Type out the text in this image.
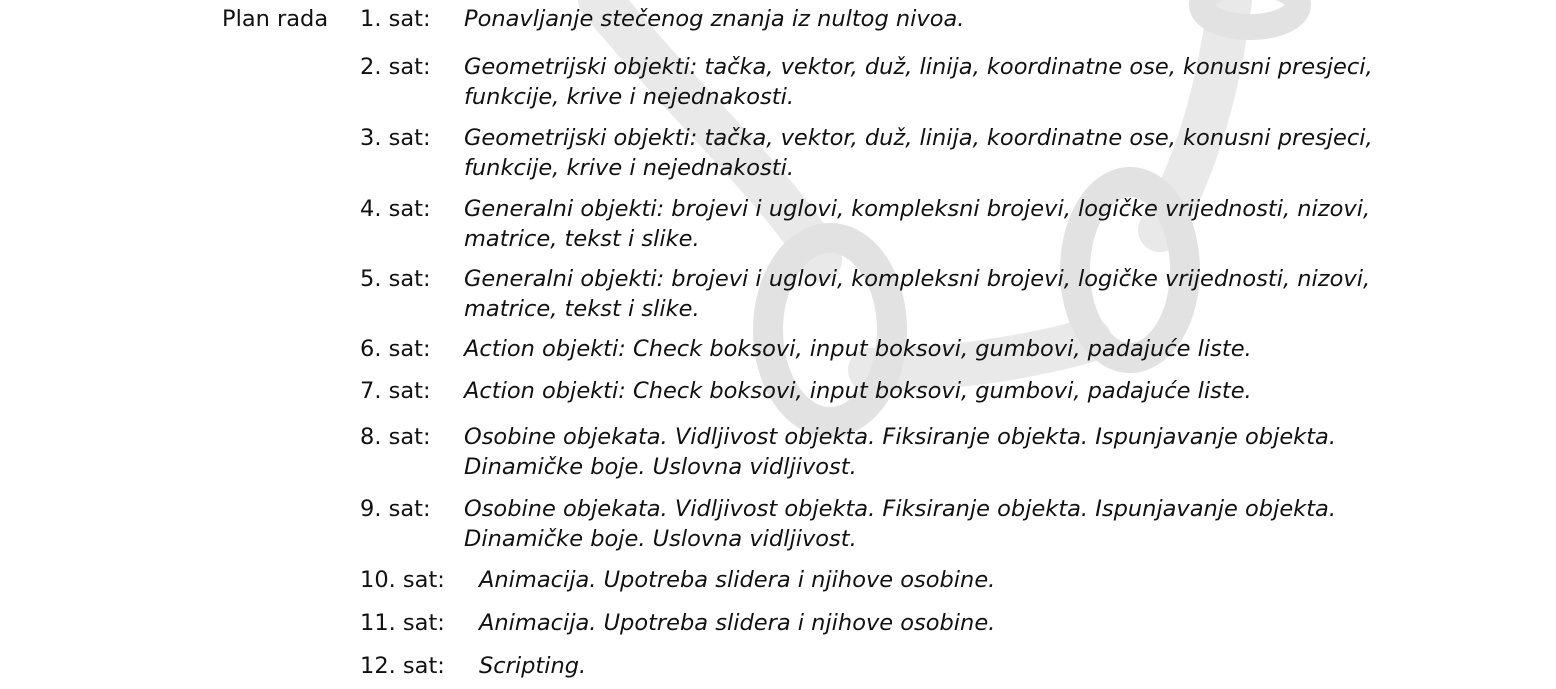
Plan rada 1. sat: Ponavljanje stečenog znanja iz nultog nivoa.
2. sat: Geometrijski objekti: tačka, vektor, duž, linija, koordinatne ose, konusni presjeci,
funkcije, krive i nejednakosti.
3. sat: Geometrijski objekti: tačka, vektor, duž, linija, koordinatne ose, konusni presjeci,
funkcije, krive i nejednakosti.
4. sat: Generalni objekti: brojevi i uglovi, kompleksni brojevi, logičke vrijednosti, nizovi,
matrice, tekst i slike.
5. sat: Generalni objekti: brojevi i uglovi, kompleksni brojevi, logičke vrijednosti, nizovi,
matrice, tekst i slike.
6. sat: Action objekti: Check boksovi, input boksovi, gumbovi, padajuće liste.
7. sat: Action objekti: Check boksovi, input boksovi, gumbovi, padajuće liste.
8. sat: Osobine objekata. Vidljivost objekta. Fiksiranje objekta. Ispunjavanje objekta.
Dinamičke boje. Uslovna vidljivost.
9. sat: Osobine objekata. Vidljivost objekta. Fiksiranje objekta. Ispunjavanje objekta.
Dinamičke boje. Uslovna vidljivost.
10. sat: Animacija. Upotreba slidera i njihove osobine.
11. sat: Animacija. Upotreba slidera i njihove osobine.
12. sat: Scripting.
